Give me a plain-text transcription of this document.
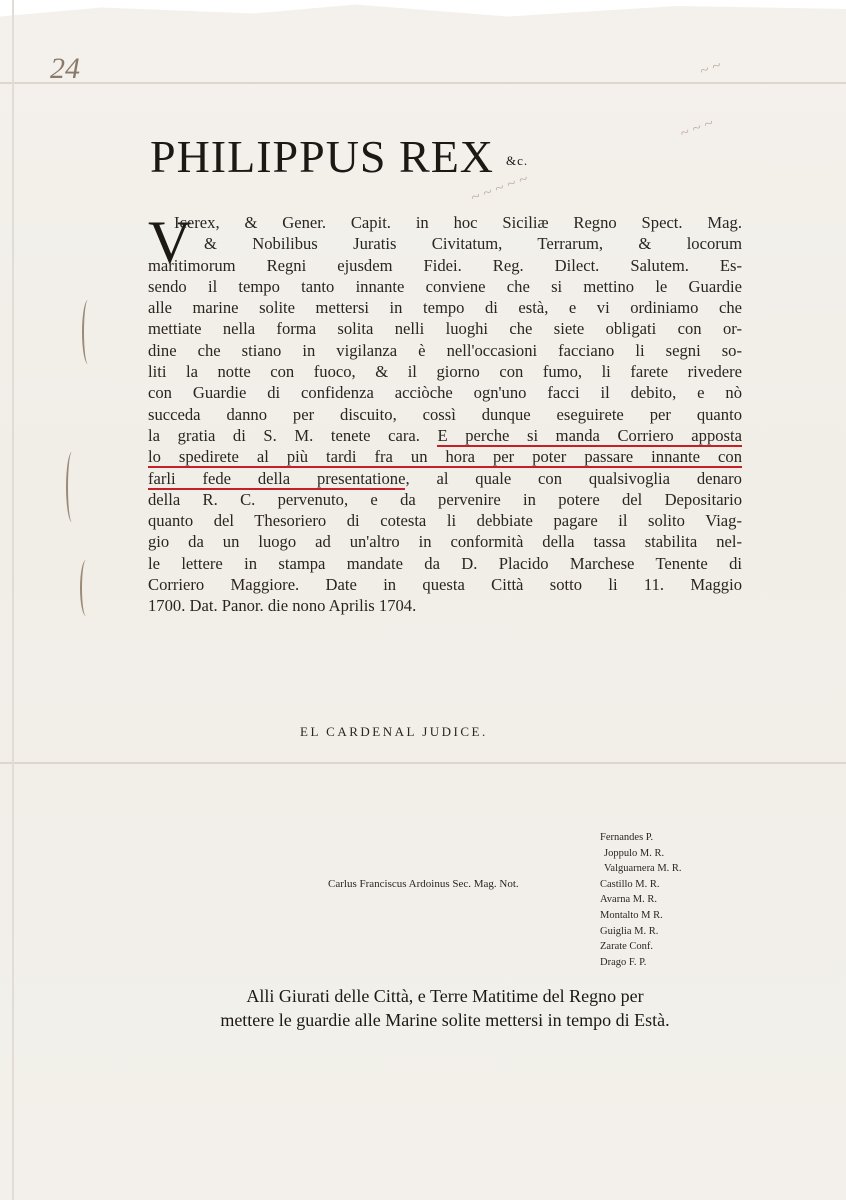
~ ~ ~ ~ ~
~ ~ ~
~ ~
24
PHILIPPUS REX &c.
V
Icerex, & Gener. Capit. in hoc Siciliæ Regno Spect. Mag.
& Nobilibus Juratis Civitatum, Terrarum, & locorum
maritimorum Regni ejusdem Fidei. Reg. Dilect. Salutem. Es-
sendo il tempo tanto innante conviene che si mettino le Guardie
alle marine solite mettersi in tempo di està, e vi ordiniamo che
mettiate nella forma solita nelli luoghi che siete obligati con or-
dine che stiano in vigilanza è nell'occasioni facciano li segni so-
liti la notte con fuoco, & il giorno con fumo, li farete rivedere
con Guardie di confidenza acciòche ogn'uno facci il debito, e nò
succeda danno per discuito, cossì dunque eseguirete per quanto
la gratia di S. M. tenete cara. E perche si manda Corriero apposta
lo spedirete al più tardi fra un hora per poter passare innante con
farli fede della presentatione, al quale con qualsivoglia denaro
della R. C. pervenuto, e da pervenire in potere del Depositario
quanto del Thesoriero di cotesta li debbiate pagare il solito Viag-
gio da un luogo ad un'altro in conformità della tassa stabilita nel-
le lettere in stampa mandate da D. Placido Marchese Tenente di
Corriero Maggiore. Date in questa Città sotto li 11. Maggio
1700. Dat. Panor. die nono Aprilis 1704.
EL CARDENAL JUDICE.
Carlus Franciscus Ardoinus Sec. Mag. Not.
Fernandes P.
Joppulo M. R.
Valguarnera M. R.
Castillo M. R.
Avarna M. R.
Montalto M R.
Guiglia M. R.
Zarate Conf.
Drago F. P.
Alli Giurati delle Città, e Terre Matitime del Regno per
mettere le guardie alle Marine solite mettersi in tempo di Està.
